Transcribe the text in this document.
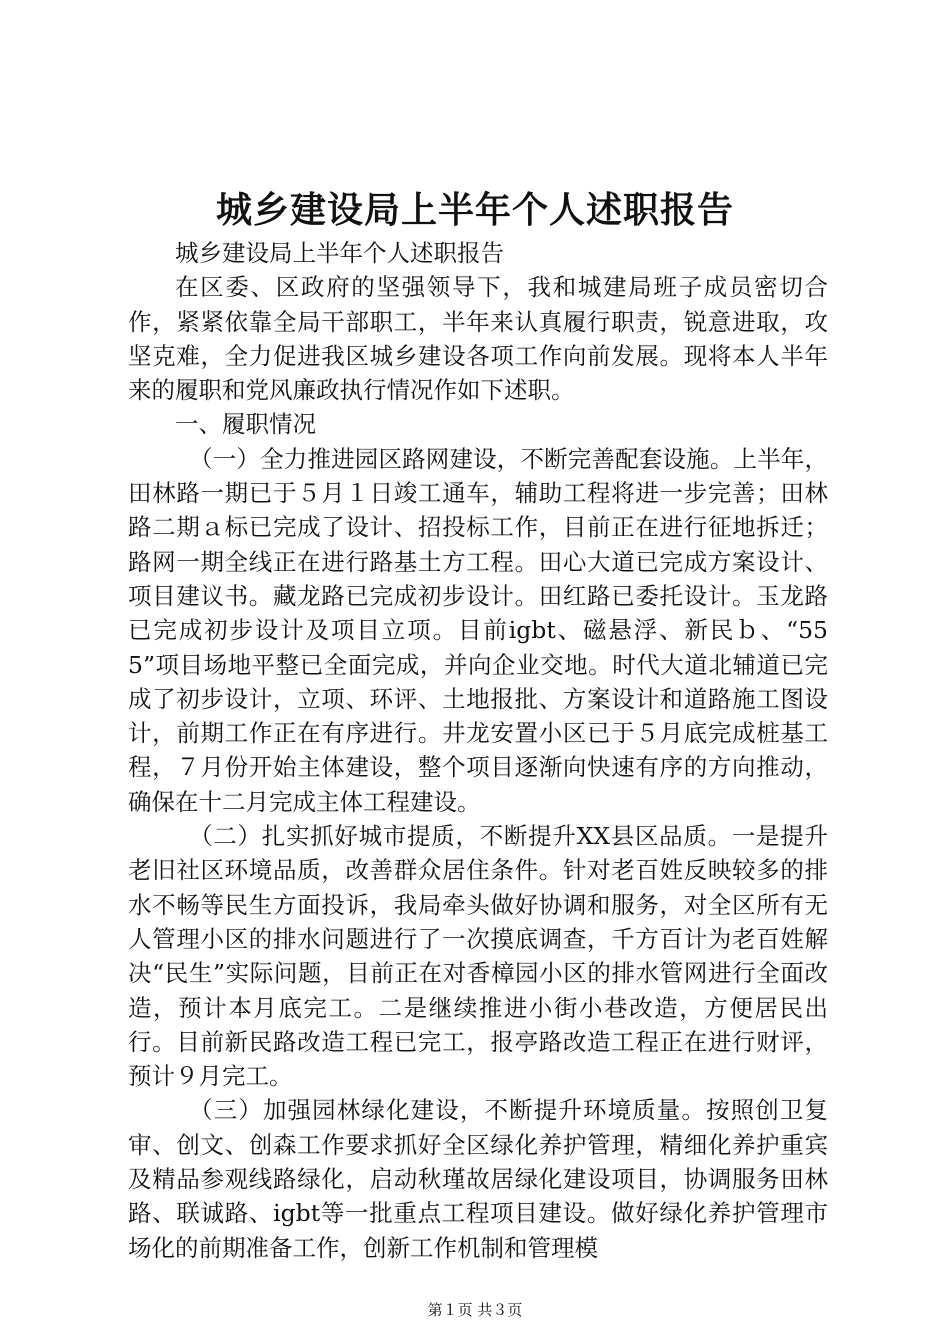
城乡建设局上半年个人述职报告

城乡建设局上半年个人述职报告

在区委、区政府的坚强领导下，我和城建局班子成员密切合作，紧紧依靠全局干部职工，半年来认真履行职责，锐意进取，攻坚克难，全力促进我区城乡建设各项工作向前发展。现将本人半年来的履职和党风廉政执行情况作如下述职。

一、履职情况

（一）全力推进园区路网建设，不断完善配套设施。上半年，田林路一期已于５月１日竣工通车，辅助工程将进一步完善；田林路二期ａ标已完成了设计、招投标工作，目前正在进行征地拆迁；路网一期全线正在进行路基土方工程。田心大道已完成方案设计、项目建议书。藏龙路已完成初步设计。田红路已委托设计。玉龙路已完成初步设计及项目立项。目前igbt、磁悬浮、新民ｂ、“555”项目场地平整已全面完成，并向企业交地。时代大道北辅道已完成了初步设计，立项、环评、土地报批、方案设计和道路施工图设计，前期工作正在有序进行。井龙安置小区已于５月底完成桩基工程，７月份开始主体建设，整个项目逐渐向快速有序的方向推动，确保在十二月完成主体工程建设。

（二）扎实抓好城市提质，不断提升XX县区品质。一是提升老旧社区环境品质，改善群众居住条件。针对老百姓反映较多的排水不畅等民生方面投诉，我局牵头做好协调和服务，对全区所有无人管理小区的排水问题进行了一次摸底调查，千方百计为老百姓解决“民生”实际问题，目前正在对香樟园小区的排水管网进行全面改造，预计本月底完工。二是继续推进小街小巷改造，方便居民出行。目前新民路改造工程已完工，报亭路改造工程正在进行财评，预计９月完工。

（三）加强园林绿化建设，不断提升环境质量。按照创卫复审、创文、创森工作要求抓好全区绿化养护管理，精细化养护重宾及精品参观线路绿化，启动秋瑾故居绿化建设项目，协调服务田林路、联诚路、igbt等一批重点工程项目建设。做好绿化养护管理市场化的前期准备工作，创新工作机制和管理模

第１页 共３页
